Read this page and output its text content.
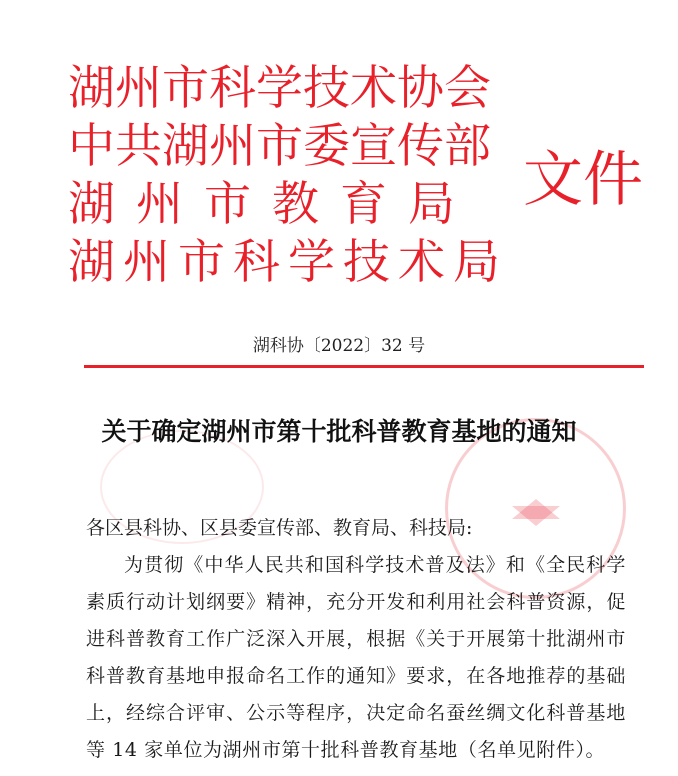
湖州市科学技术协会
中共湖州市委宣传部
湖州市教育局
湖州市科学技术局
文件
湖科协〔2022〕32 号
关于确定湖州市第十批科普教育基地的通知

各区县科协、区县委宣传部、教育局、科技局:

为贯彻《中华人民共和国科学技术普及法》和《全民科学素质行动计划纲要》精神，充分开发和利用社会科普资源，促进科普教育工作广泛深入开展，根据《关于开展第十批湖州市科普教育基地申报命名工作的通知》要求，在各地推荐的基础上，经综合评审、公示等程序，决定命名蚕丝绸文化科普基地等 14 家单位为湖州市第十批科普教育基地（名单见附件）。
